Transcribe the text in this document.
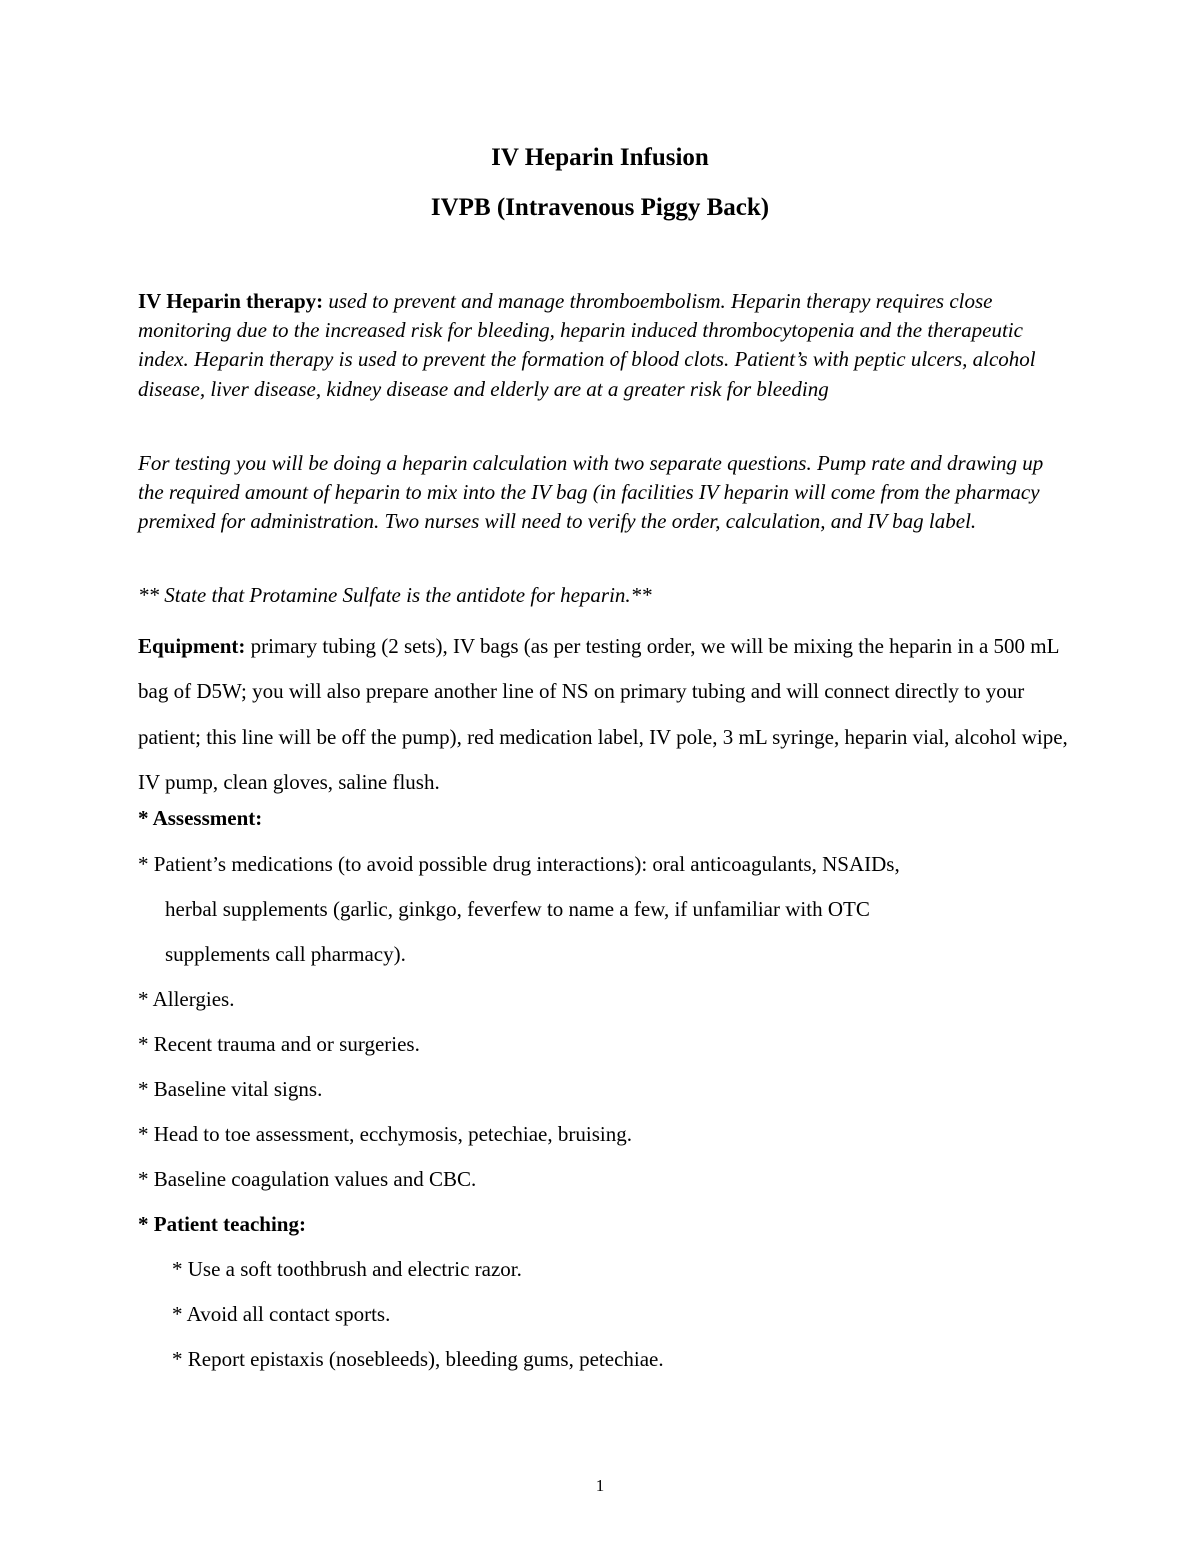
IV Heparin Infusion
IVPB (Intravenous Piggy Back)

IV Heparin therapy: used to prevent and manage thromboembolism. Heparin therapy requires close monitoring due to the increased risk for bleeding, heparin induced thrombocytopenia and the therapeutic index. Heparin therapy is used to prevent the formation of blood clots. Patient’s with peptic ulcers, alcohol disease, liver disease, kidney disease and elderly are at a greater risk for bleeding

For testing you will be doing a heparin calculation with two separate questions. Pump rate and drawing up the required amount of heparin to mix into the IV bag (in facilities IV heparin will come from the pharmacy premixed for administration. Two nurses will need to verify the order, calculation, and IV bag label.

** State that Protamine Sulfate is the antidote for heparin.**

Equipment: primary tubing (2 sets), IV bags (as per testing order, we will be mixing the heparin in a 500 mL bag of D5W; you will also prepare another line of NS on primary tubing and will connect directly to your patient; this line will be off the pump), red medication label, IV pole, 3 mL syringe, heparin vial, alcohol wipe, IV pump, clean gloves, saline flush.

* Assessment:
* Patient’s medications (to avoid possible drug interactions): oral anticoagulants, NSAIDs,
herbal supplements (garlic, ginkgo, feverfew to name a few, if unfamiliar with OTC
supplements call pharmacy).
* Allergies.
* Recent trauma and or surgeries.
* Baseline vital signs.
* Head to toe assessment, ecchymosis, petechiae, bruising.
* Baseline coagulation values and CBC.
* Patient teaching:
* Use a soft toothbrush and electric razor.
* Avoid all contact sports.
* Report epistaxis (nosebleeds), bleeding gums, petechiae.
1
